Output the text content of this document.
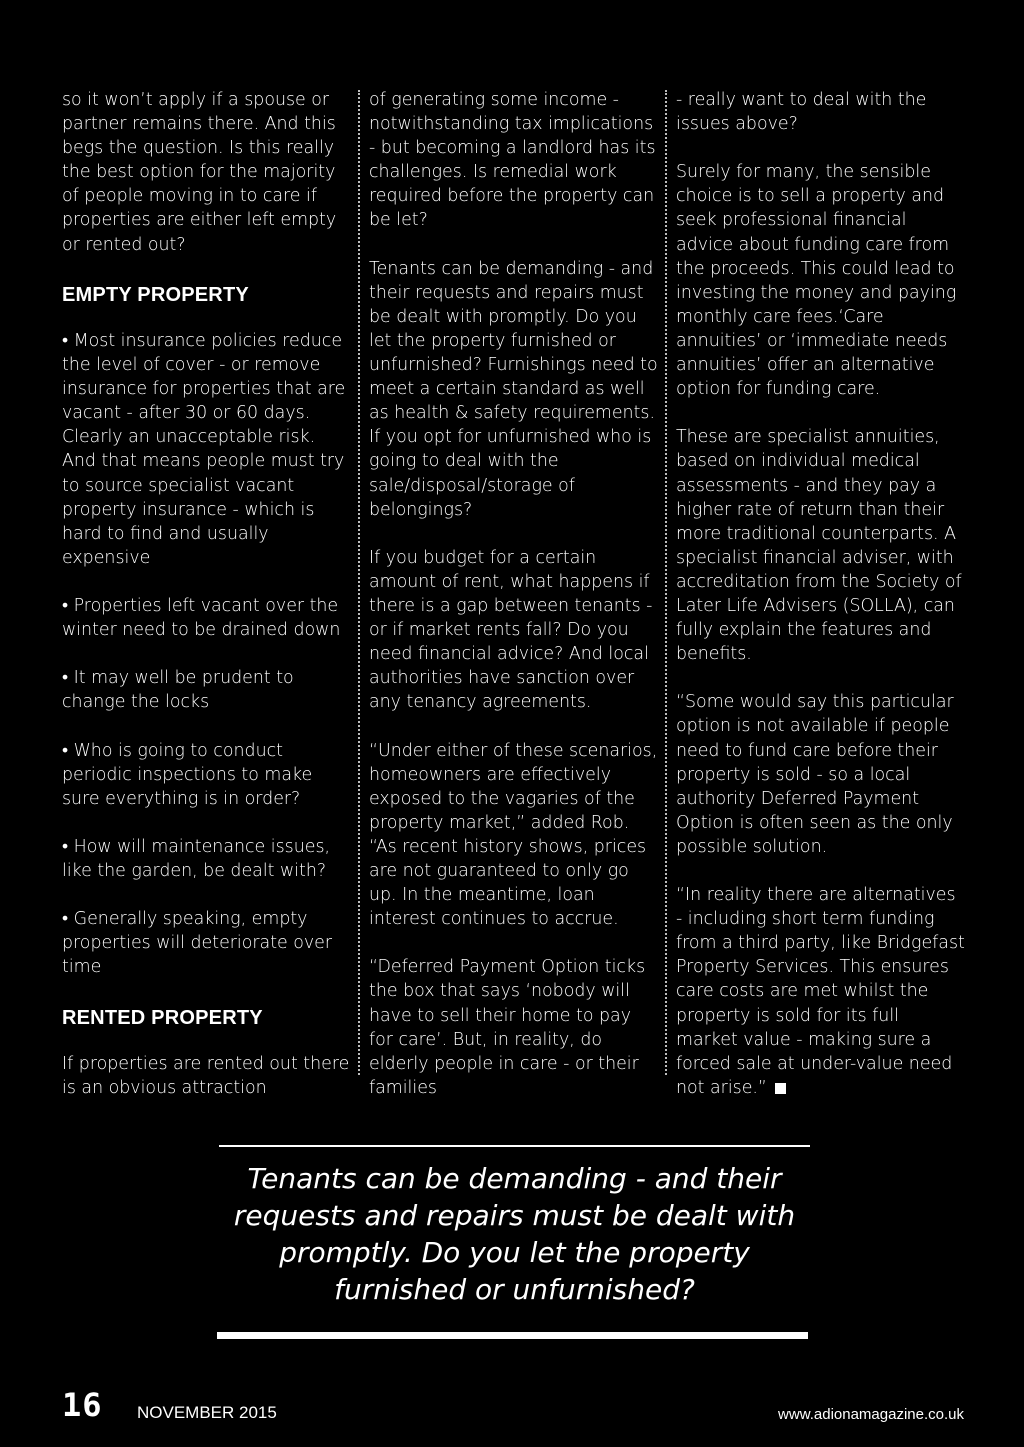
so it won’t apply if a spouse or partner remains there. And this begs the question. Is this really the best option for the majority of people moving in to care if properties are either left empty or rented out?

EMPTY PROPERTY

• Most insurance policies reduce the level of cover - or remove insurance for properties that are vacant - after 30 or 60 days. Clearly an unacceptable risk. And that means people must try to source specialist vacant property insurance - which is hard to find and usually expensive

• Properties left vacant over the winter need to be drained down

• It may well be prudent to change the locks

• Who is going to conduct periodic inspections to make sure everything is in order?

• How will maintenance issues, like the garden, be dealt with?

• Generally speaking, empty properties will deteriorate over time

RENTED PROPERTY

If properties are rented out there is an obvious attraction

of generating some income -notwithstanding tax implications - but becoming a landlord has its challenges. Is remedial work required before the property can be let?

Tenants can be demanding - and their requests and repairs must be dealt with promptly. Do you let the property furnished or unfurnished? Furnishings need to meet a certain standard as well as health & safety requirements. If you opt for unfurnished who is going to deal with the sale/disposal/storage of belongings?

If you budget for a certain amount of rent, what happens if there is a gap between tenants - or if market rents fall? Do you need financial advice? And local authorities have sanction over any tenancy agreements.

“Under either of these scenarios, homeowners are effectively exposed to the vagaries of the property market,” added Rob. “As recent history shows, prices are not guaranteed to only go up. In the meantime, loan interest continues to accrue.

“Deferred Payment Option ticks the box that says ‘nobody will have to sell their home to pay for care’. But, in reality, do elderly people in care - or their families

- really want to deal with the issues above?

Surely for many, the sensible choice is to sell a property and seek professional financial advice about funding care from the proceeds. This could lead to investing the money and paying monthly care fees.‘Care annuities’ or ‘immediate needs annuities’ offer an alternative option for funding care.

These are specialist annuities, based on individual medical assessments - and they pay a higher rate of return than their more traditional counterparts. A specialist financial adviser, with accreditation from the Society of Later Life Advisers (SOLLA), can fully explain the features and benefits.

“Some would say this particular option is not available if people need to fund care before their property is sold - so a local authority Deferred Payment Option is often seen as the only possible solution.

“In reality there are alternatives - including short term funding from a third party, like Bridgefast Property Services. This ensures care costs are met whilst the property is sold for its full market value - making sure a forced sale at under-value need not arise.”

Tenants can be demanding - and their requests and repairs must be dealt with promptly. Do you let the property furnished or unfurnished?
16 NOVEMBER 2015	www.adionamagazine.co.uk
